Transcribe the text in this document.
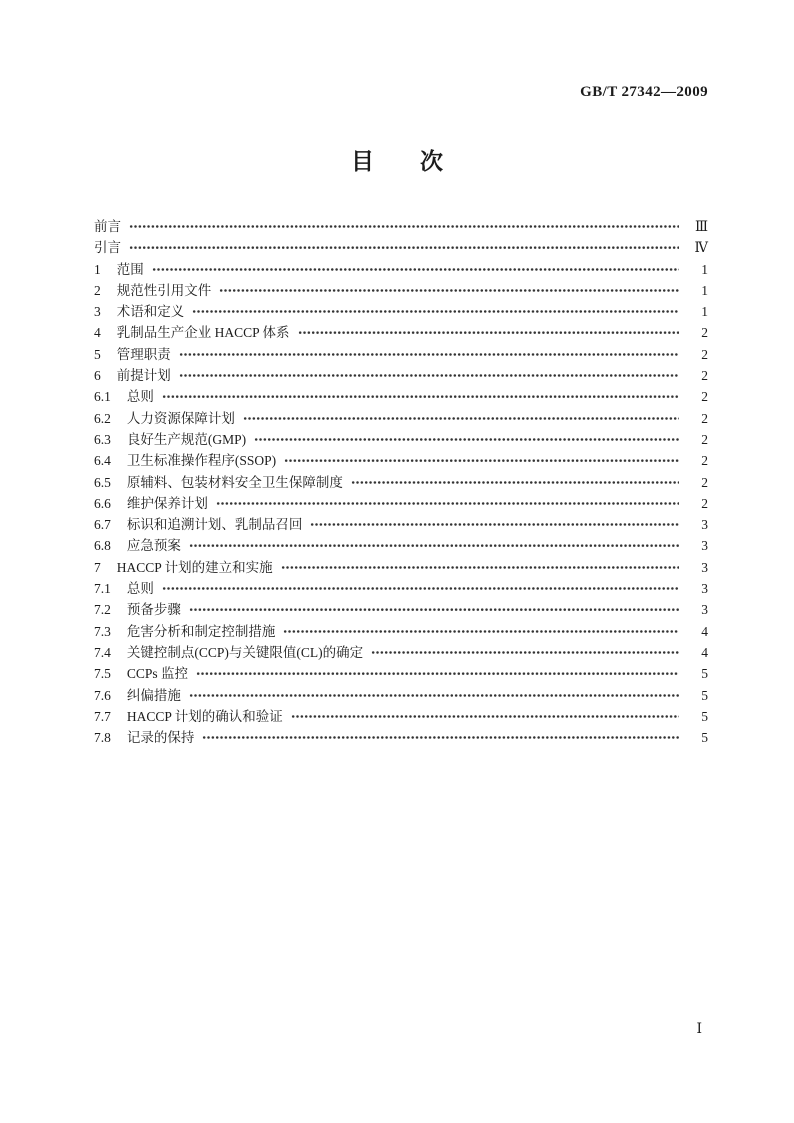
GB/T 27342—2009
目　　次
前言	Ⅲ
引言	Ⅳ
1 范围	1
2 规范性引用文件	1
3 术语和定义	1
4 乳制品生产企业 HACCP 体系	2
5 管理职责	2
6 前提计划	2
6.1 总则	2
6.2 人力资源保障计划	2
6.3 良好生产规范(GMP)	2
6.4 卫生标准操作程序(SSOP)	2
6.5 原辅料、包装材料安全卫生保障制度	2
6.6 维护保养计划	2
6.7 标识和追溯计划、乳制品召回	3
6.8 应急预案	3
7 HACCP 计划的建立和实施	3
7.1 总则	3
7.2 预备步骤	3
7.3 危害分析和制定控制措施	4
7.4 关键控制点(CCP)与关键限值(CL)的确定	4
7.5 CCPs 监控	5
7.6 纠偏措施	5
7.7 HACCP 计划的确认和验证	5
7.8 记录的保持	5
Ⅰ
